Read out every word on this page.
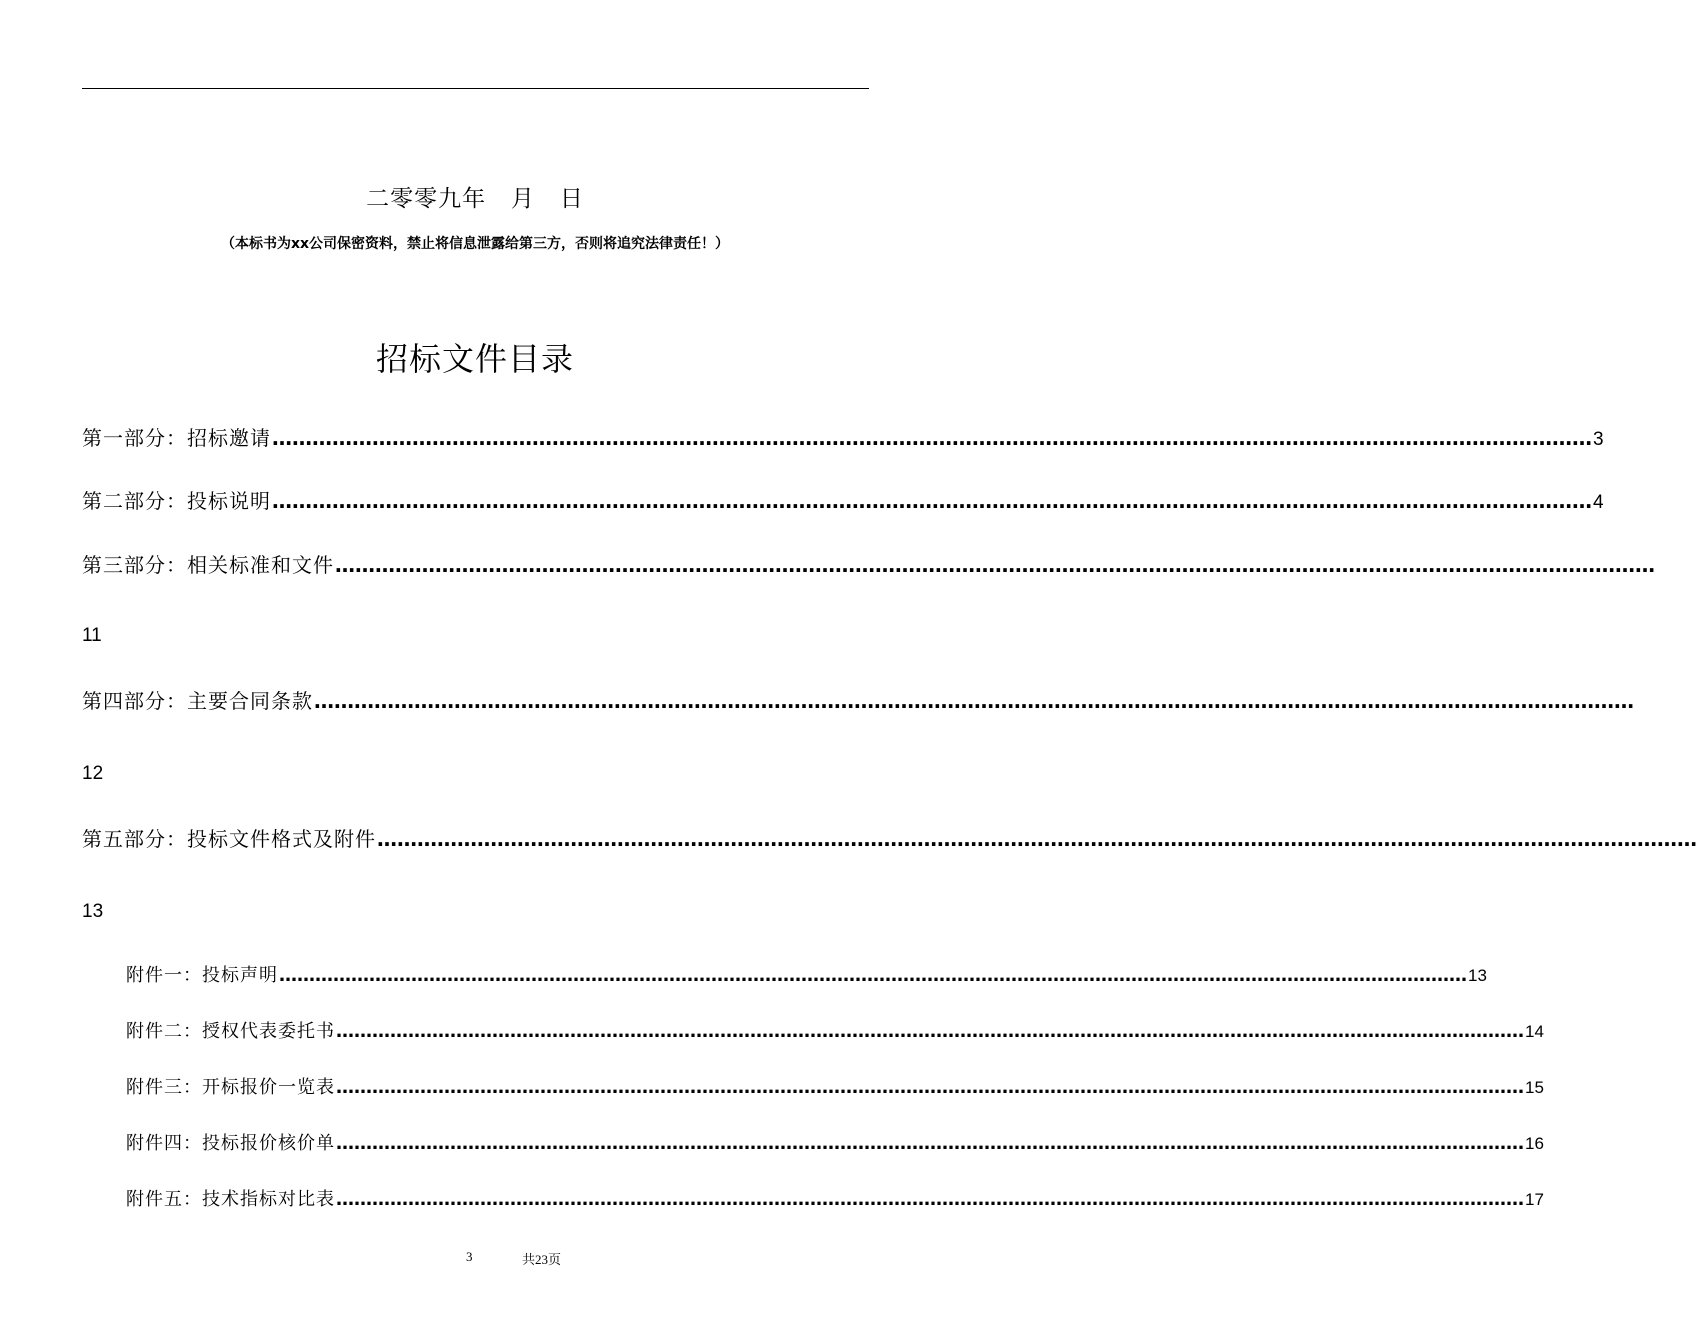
二零零九年   月   日
（本标书为xx公司保密资料，禁止将信息泄露给第三方，否则将追究法律责任！）
招标文件目录
第一部分：招标邀请 ……………………………………………………………………………………………………………………………………………………………………………… 3
第二部分：投标说明 ……………………………………………………………………………………………………………………………………………………………………………… 4
第三部分：相关标准和文件 ………………………………………………………………………………………………………………………………………………………………………………
11
第四部分：主要合同条款 ………………………………………………………………………………………………………………………………………………………………………………
12
第五部分：投标文件格式及附件 ………………………………………………………………………………………………………………………………………………………………………………
13
附件一：投标声明 ……………………………………………………………………………………………………………………………………………………………………………… 13
附件二：授权代表委托书 ……………………………………………………………………………………………………………………………………………………………………………… 14
附件三：开标报价一览表 ……………………………………………………………………………………………………………………………………………………………………………… 15
附件四：投标报价核价单 ……………………………………………………………………………………………………………………………………………………………………………… 16
附件五：技术指标对比表 ……………………………………………………………………………………………………………………………………………………………………………… 17
3	共23页
